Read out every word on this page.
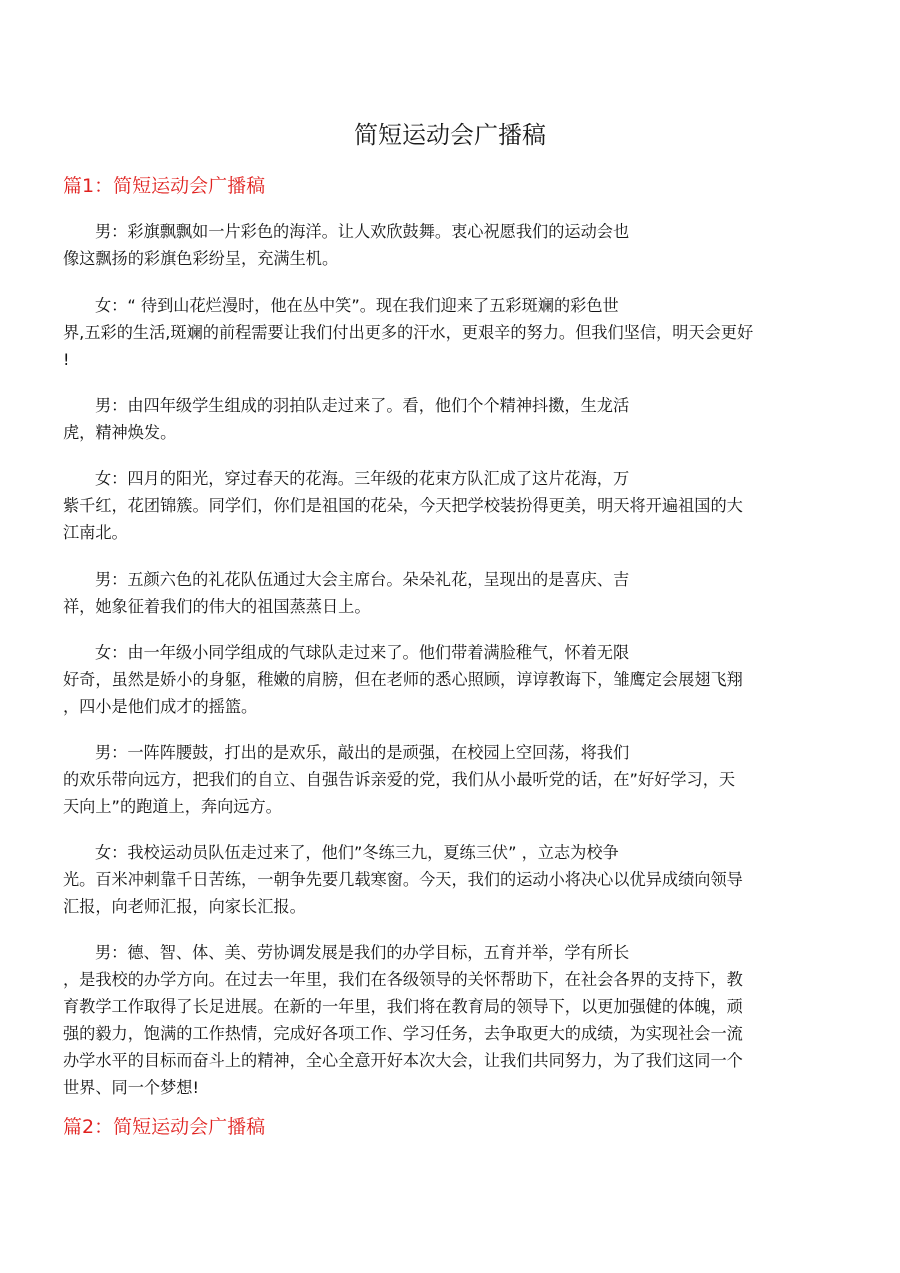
简短运动会广播稿
篇1：简短运动会广播稿
男：彩旗飘飘如一片彩色的海洋。让人欢欣鼓舞。衷心祝愿我们的运动会也
像这飘扬的彩旗色彩纷呈，充满生机。
女：“ 待到山花烂漫时，他在丛中笑”。现在我们迎来了五彩斑斓的彩色世
界,五彩的生活,斑斓的前程需要让我们付出更多的汗水，更艰辛的努力。但我们坚信，明天会更好
!
男：由四年级学生组成的羽拍队走过来了。看，他们个个精神抖擞，生龙活
虎，精神焕发。
女：四月的阳光，穿过春天的花海。三年级的花束方队汇成了这片花海，万
紫千红，花团锦簇。同学们，你们是祖国的花朵，今天把学校装扮得更美，明天将开遍祖国的大
江南北。
男：五颜六色的礼花队伍通过大会主席台。朵朵礼花，呈现出的是喜庆、吉
祥，她象征着我们的伟大的祖国蒸蒸日上。
女：由一年级小同学组成的气球队走过来了。他们带着满脸稚气，怀着无限
好奇，虽然是娇小的身躯，稚嫩的肩膀，但在老师的悉心照顾，谆谆教诲下，雏鹰定会展翅飞翔
，四小是他们成才的摇篮。
男：一阵阵腰鼓，打出的是欢乐，敲出的是顽强，在校园上空回荡，将我们
的欢乐带向远方，把我们的自立、自强告诉亲爱的党，我们从小最听党的话，在”好好学习，天
天向上”的跑道上，奔向远方。
女：我校运动员队伍走过来了，他们”冬练三九，夏练三伏” ，立志为校争
光。百米冲刺靠千日苦练，一朝争先要几载寒窗。今天，我们的运动小将决心以优异成绩向领导
汇报，向老师汇报，向家长汇报。
男：德、智、体、美、劳协调发展是我们的办学目标，五育并举，学有所长
，是我校的办学方向。在过去一年里，我们在各级领导的关怀帮助下，在社会各界的支持下，教
育教学工作取得了长足进展。在新的一年里，我们将在教育局的领导下，以更加强健的体魄，顽
强的毅力，饱满的工作热情，完成好各项工作、学习任务，去争取更大的成绩，为实现社会一流
办学水平的目标而奋斗上的精神，全心全意开好本次大会，让我们共同努力，为了我们这同一个
世界、同一个梦想!
篇2：简短运动会广播稿
